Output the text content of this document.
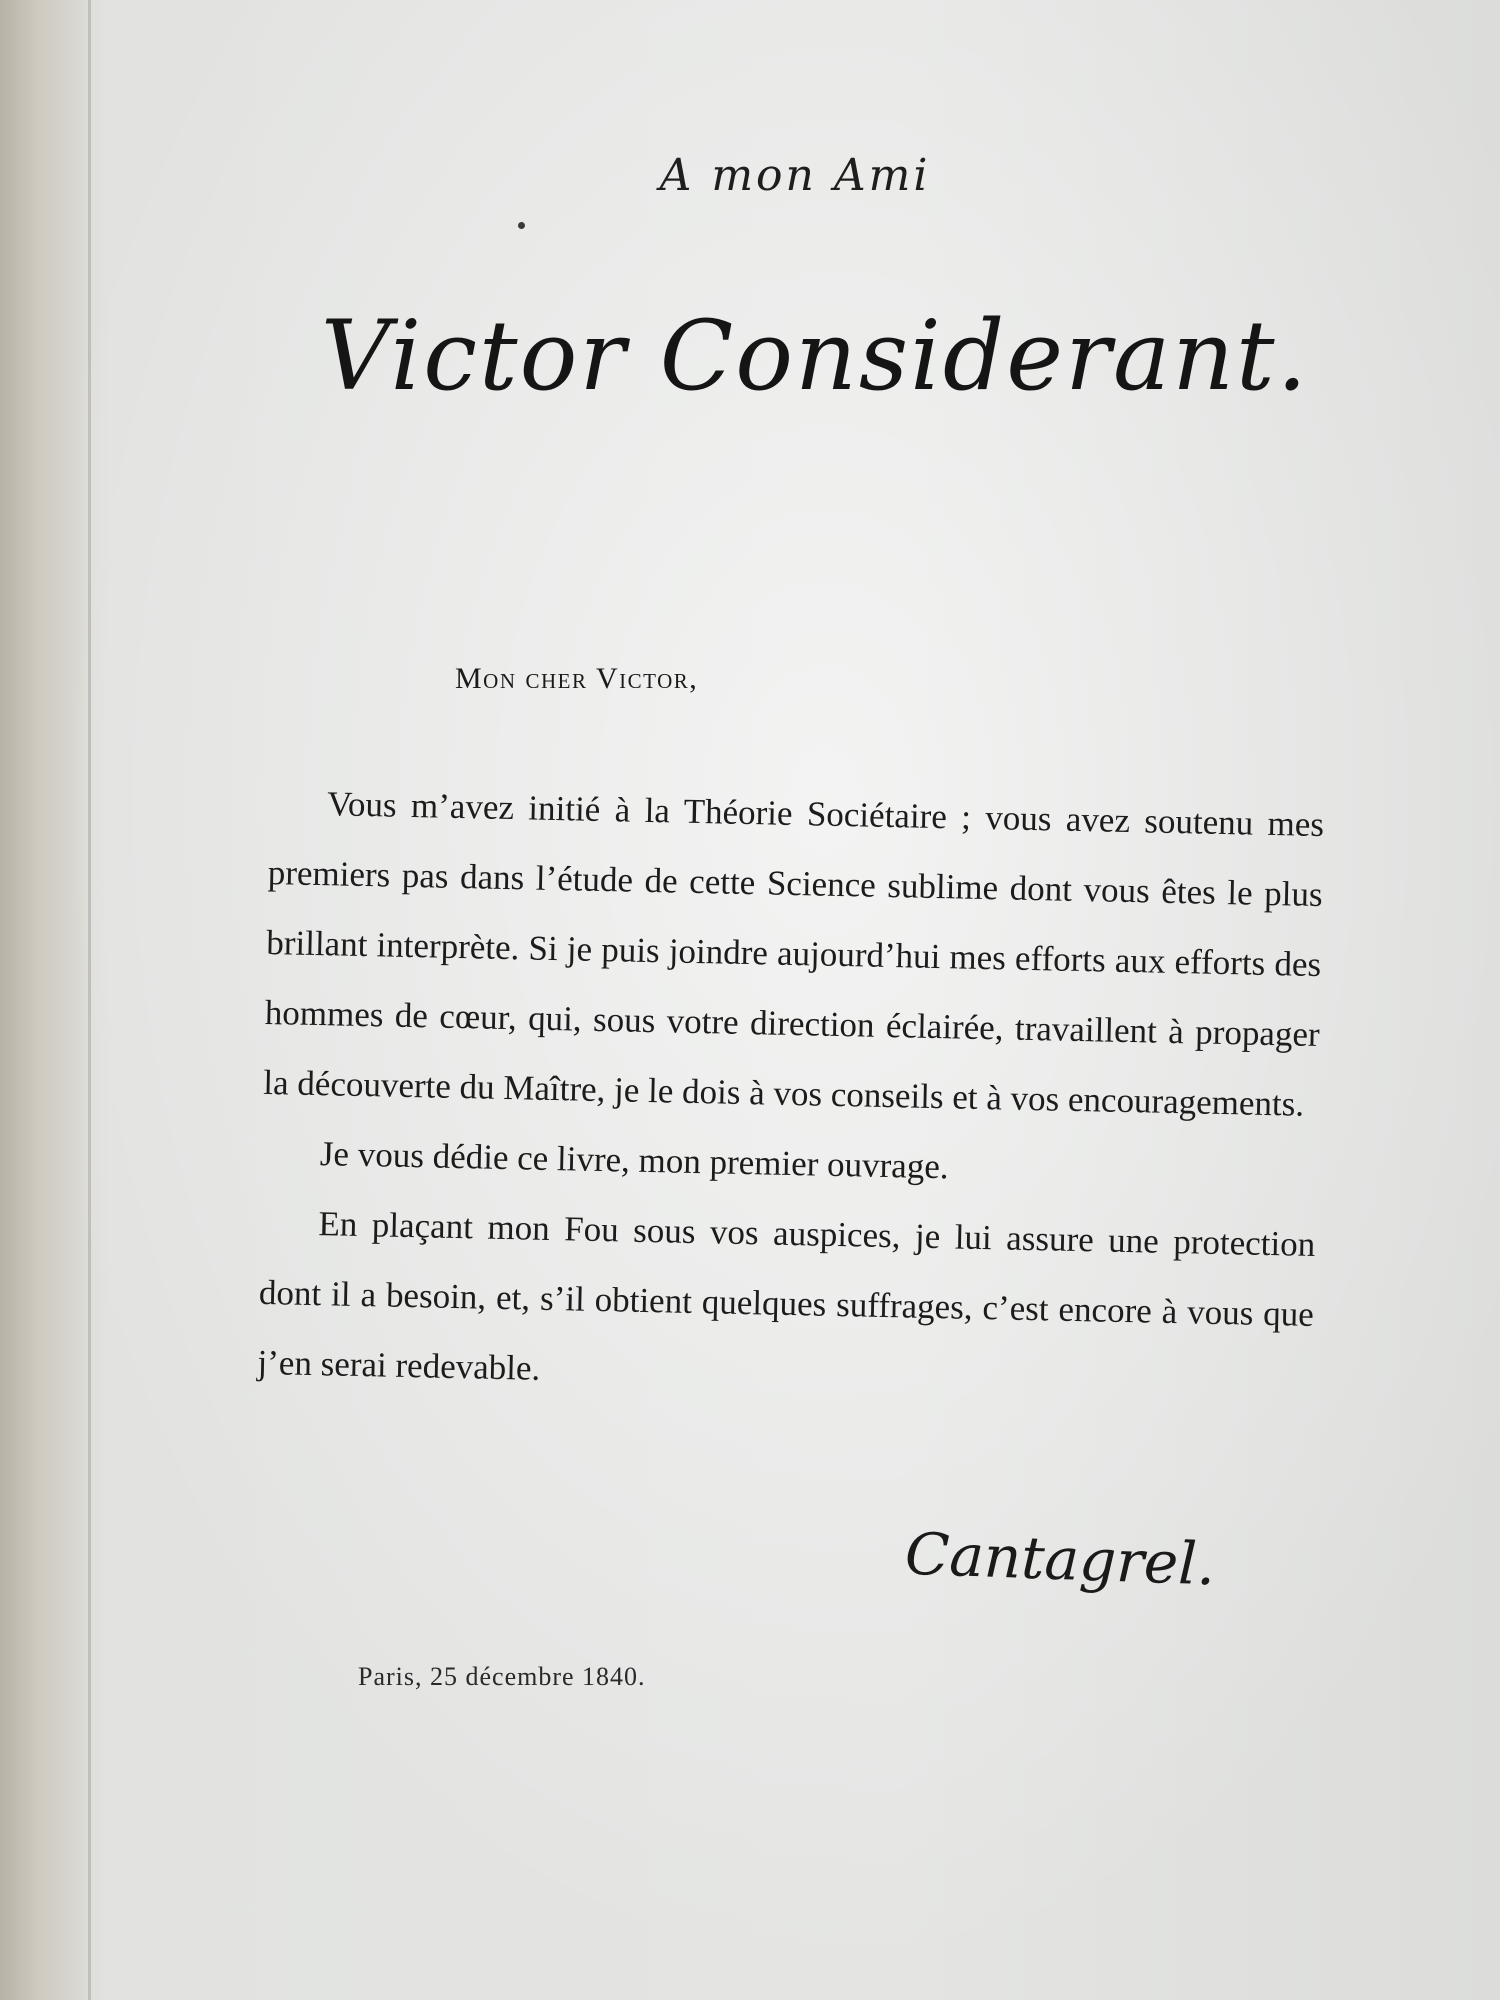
A mon Ami
Victor Considerant.
Mon cher Victor,

Vous m’avez initié à la Théorie Sociétaire ; vous avez soutenu mes premiers pas dans l’étude de cette Science sublime dont vous êtes le plus brillant interprète. Si je puis joindre aujourd’hui mes efforts aux efforts des hommes de cœur, qui, sous votre direction éclairée, travaillent à propager la découverte du Maître, je le dois à vos conseils et à vos encouragements.

Je vous dédie ce livre, mon premier ouvrage.

En plaçant mon Fou sous vos auspices, je lui assure une protection dont il a besoin, et, s’il obtient quelques suffrages, c’est encore à vous que j’en serai redevable.

Cantagrel.
Paris, 25 décembre 1840.
